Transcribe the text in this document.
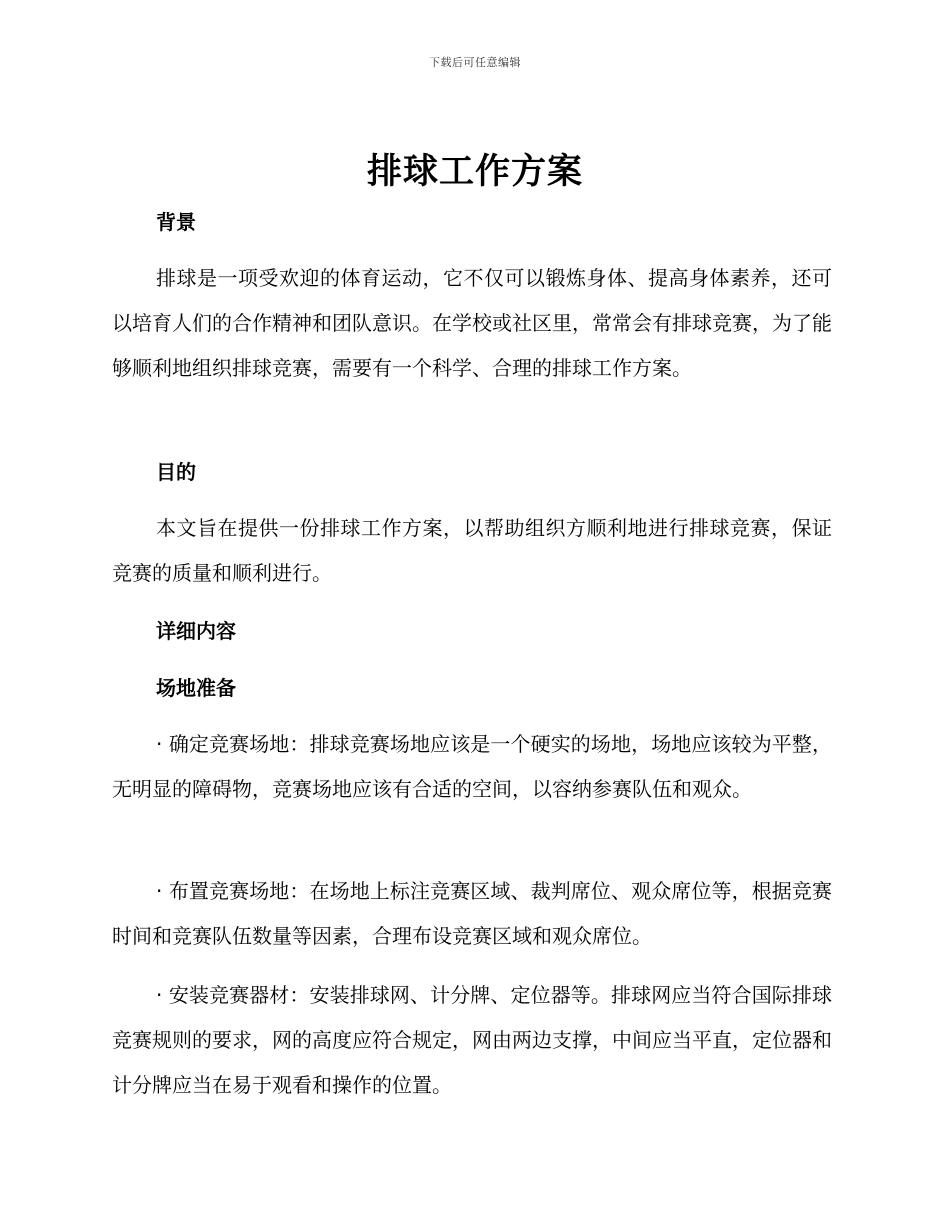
下载后可任意编辑
排球工作方案
背景

排球是一项受欢迎的体育运动，它不仅可以锻炼身体、提高身体素养，还可以培育人们的合作精神和团队意识。在学校或社区里，常常会有排球竞赛，为了能够顺利地组织排球竞赛，需要有一个科学、合理的排球工作方案。

目的

本文旨在提供一份排球工作方案，以帮助组织方顺利地进行排球竞赛，保证竞赛的质量和顺利进行。

详细内容
场地准备

· 确定竞赛场地：排球竞赛场地应该是一个硬实的场地，场地应该较为平整，无明显的障碍物，竞赛场地应该有合适的空间，以容纳参赛队伍和观众。

· 布置竞赛场地：在场地上标注竞赛区域、裁判席位、观众席位等，根据竞赛时间和竞赛队伍数量等因素，合理布设竞赛区域和观众席位。

· 安装竞赛器材：安装排球网、计分牌、定位器等。排球网应当符合国际排球竞赛规则的要求，网的高度应符合规定，网由两边支撑，中间应当平直，定位器和计分牌应当在易于观看和操作的位置。
